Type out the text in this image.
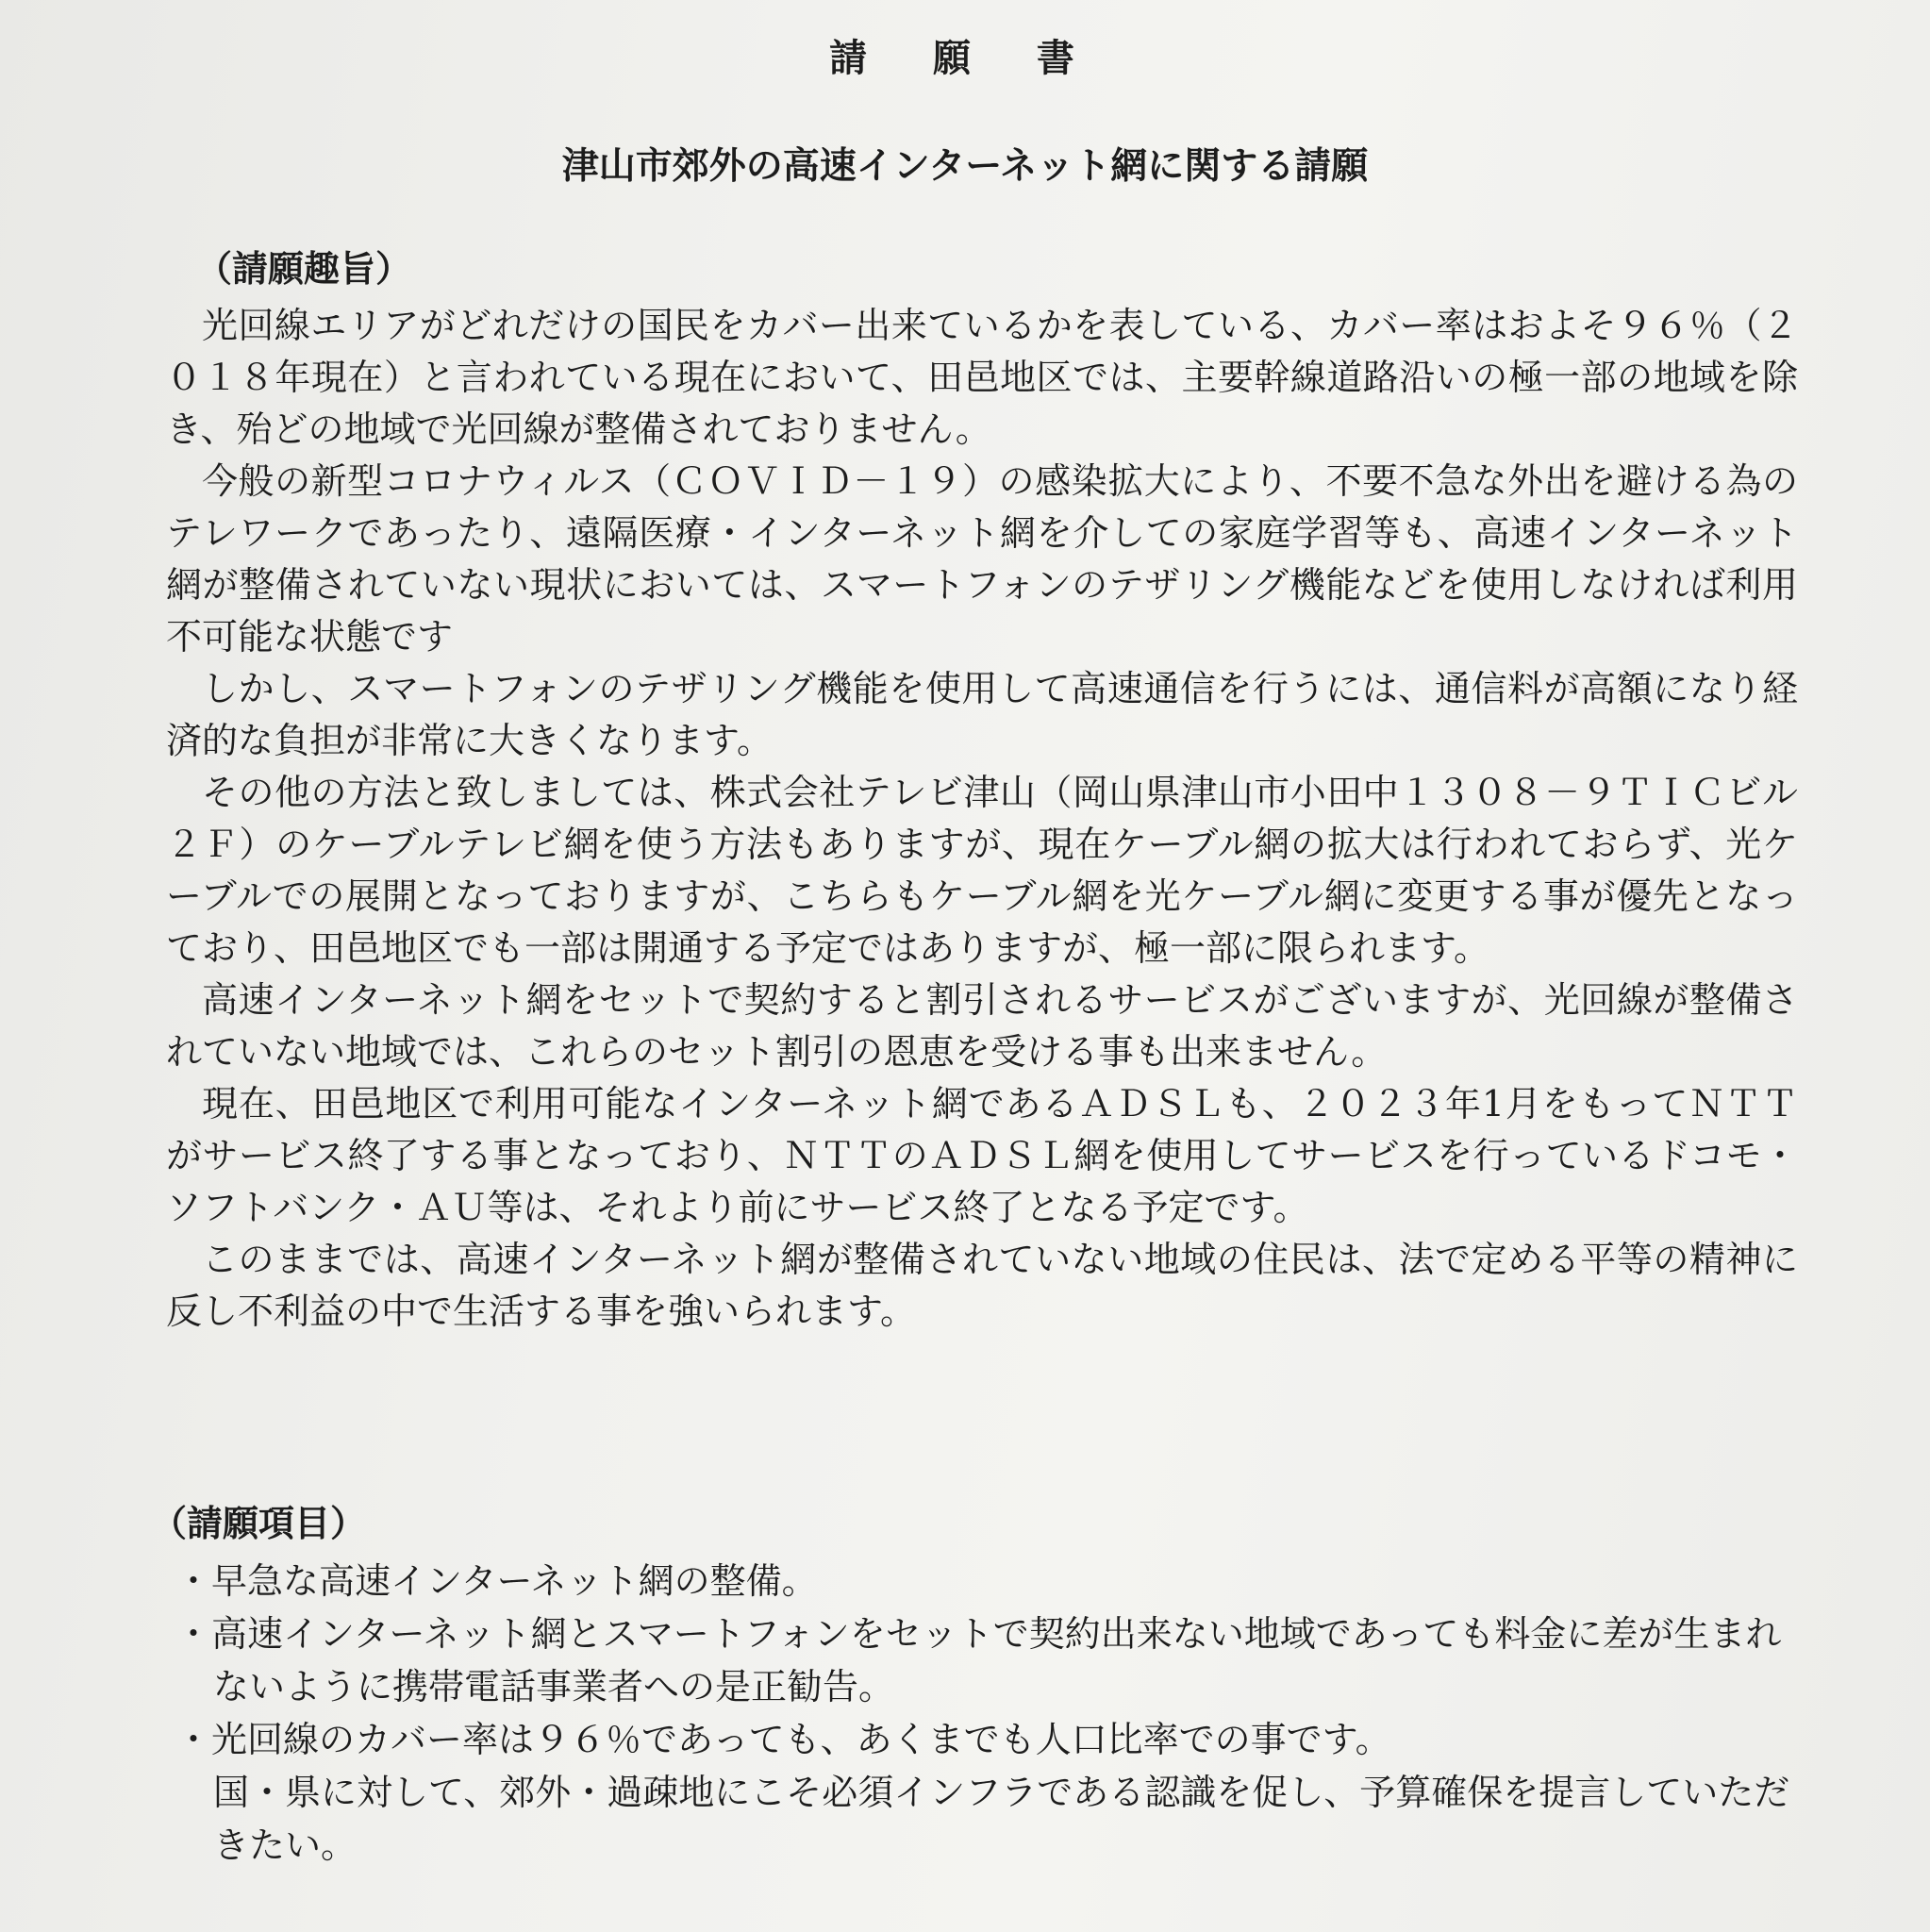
請 願 書
津山市郊外の高速インターネット網に関する請願
（請願趣旨）

光回線エリアがどれだけの国民をカバー出来ているかを表している、カバー率はおよそ９６％（２０１８年現在）と言われている現在において、田邑地区では、主要幹線道路沿いの極一部の地域を除き、殆どの地域で光回線が整備されておりません。

今般の新型コロナウィルス（ＣＯＶＩＤ－１９）の感染拡大により、不要不急な外出を避ける為のテレワークであったり、遠隔医療・インターネット網を介しての家庭学習等も、高速インターネット網が整備されていない現状においては、スマートフォンのテザリング機能などを使用しなければ利用不可能な状態です

しかし、スマートフォンのテザリング機能を使用して高速通信を行うには、通信料が高額になり経済的な負担が非常に大きくなります。

その他の方法と致しましては、株式会社テレビ津山（岡山県津山市小田中１３０８－９ＴＩＣビル２Ｆ）のケーブルテレビ網を使う方法もありますが、現在ケーブル網の拡大は行われておらず、光ケーブルでの展開となっておりますが、こちらもケーブル網を光ケーブル網に変更する事が優先となっており、田邑地区でも一部は開通する予定ではありますが、極一部に限られます。

高速インターネット網をセットで契約すると割引されるサービスがございますが、光回線が整備されていない地域では、これらのセット割引の恩恵を受ける事も出来ません。

現在、田邑地区で利用可能なインターネット網であるＡＤＳＬも、２０２３年1月をもってＮＴＴがサービス終了する事となっており、ＮＴＴのＡＤＳＬ網を使用してサービスを行っているドコモ・ソフトバンク・ＡＵ等は、それより前にサービス終了となる予定です。

このままでは、高速インターネット網が整備されていない地域の住民は、法で定める平等の精神に反し不利益の中で生活する事を強いられます。

（請願項目）
・早急な高速インターネット網の整備。
・高速インターネット網とスマートフォンをセットで契約出来ない地域であっても料金に差が生まれないように携帯電話事業者への是正勧告。
・光回線のカバー率は９６％であっても、あくまでも人口比率での事です。
国・県に対して、郊外・過疎地にこそ必須インフラである認識を促し、予算確保を提言していただきたい。
